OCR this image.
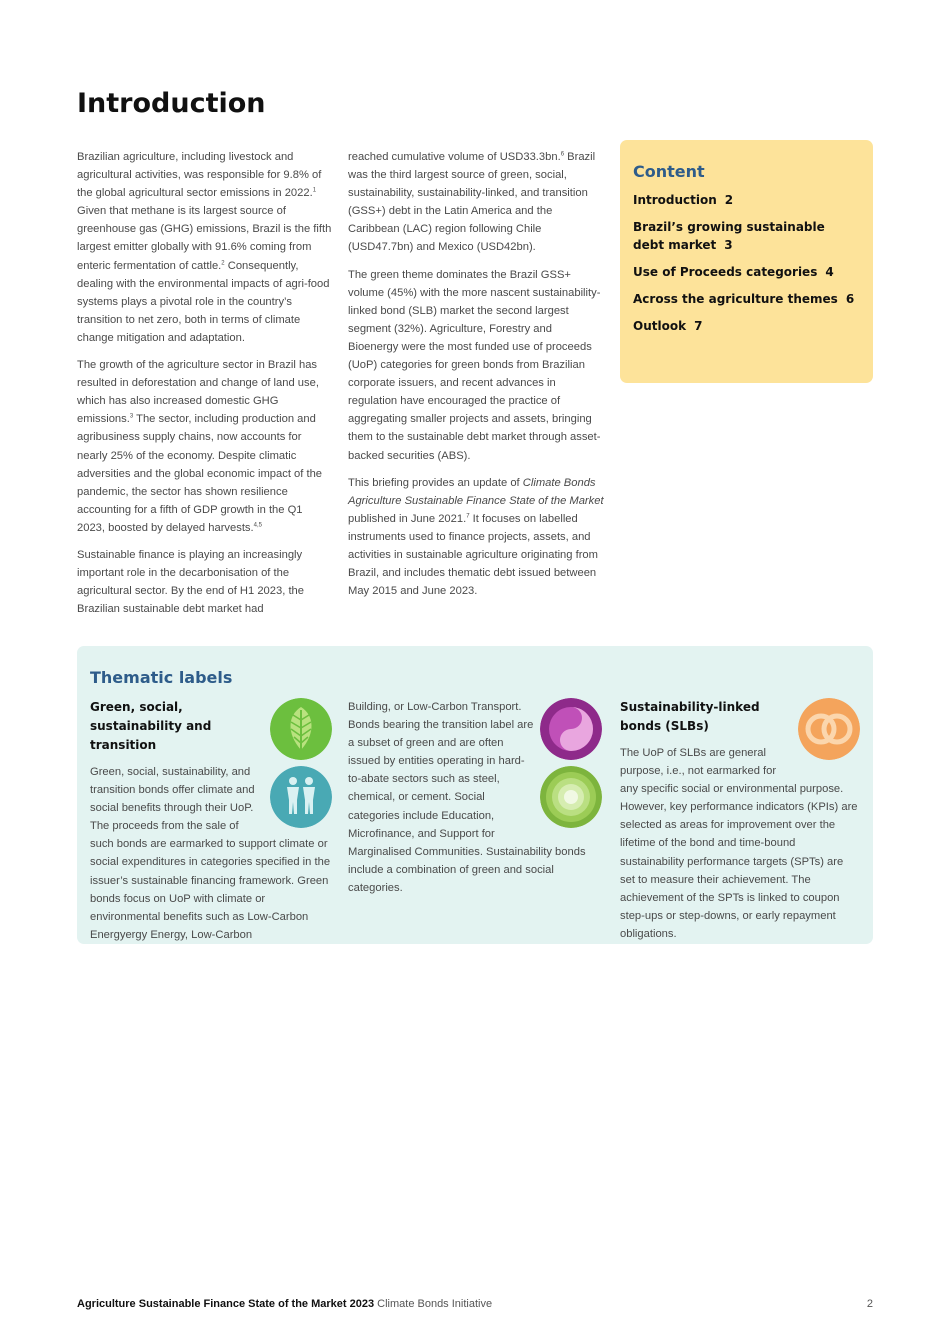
Introduction

Brazilian agriculture, including livestock and agricultural activities, was responsible for 9.8% of the global agricultural sector emissions in 2022.$^1$ Given that methane is its largest source of greenhouse gas (GHG) emissions, Brazil is the fifth largest emitter globally with 91.6% coming from enteric fermentation of cattle.$^2$ Consequently, dealing with the environmental impacts of agri-food systems plays a pivotal role in the country’s transition to net zero, both in terms of climate change mitigation and adaptation.

The growth of the agriculture sector in Brazil has resulted in deforestation and change of land use, which has also increased domestic GHG emissions.$^3$ The sector, including production and agribusiness supply chains, now accounts for nearly 25% of the economy. Despite climatic adversities and the global economic impact of the pandemic, the sector has shown resilience accounting for a fifth of GDP growth in the Q1 2023, boosted by delayed harvests.$^{4,5}$

Sustainable finance is playing an increasingly important role in the decarbonisation of the agricultural sector. By the end of H1 2023, the Brazilian sustainable debt market had

reached cumulative volume of USD33.3bn.$^6$ Brazil was the third largest source of green, social, sustainability, sustainability-linked, and transition (GSS+) debt in the Latin America and the Caribbean (LAC) region following Chile (USD47.7bn) and Mexico (USD42bn).

The green theme dominates the Brazil GSS+ volume (45%) with the more nascent sustainability-linked bond (SLB) market the second largest segment (32%). Agriculture, Forestry and Bioenergy were the most funded use of proceeds (UoP) categories for green bonds from Brazilian corporate issuers, and recent advances in regulation have encouraged the practice of aggregating smaller projects and assets, bringing them to the sustainable debt market through asset-backed securities (ABS).

This briefing provides an update of Climate Bonds Agriculture Sustainable Finance State of the Market published in June 2021.$^7$ It focuses on labelled instruments used to finance projects, assets, and activities in sustainable agriculture originating from Brazil, and includes thematic debt issued between May 2015 and June 2023.

Content
Introduction 2
Brazil’s growing sustainable
debt market 3
Use of Proceeds categories 4
Across the agriculture themes 6
Outlook 7
Thematic labels

Green, social, sustainability and transition

Green, social, sustainability, and transition bonds offer climate and social benefits through their UoP. The proceeds from the sale of such bonds are earmarked to support climate or social expenditures in categories specified in the issuer’s sustainable financing framework. Green bonds focus on UoP with climate or environmental benefits such as Low-Carbon Energyergy Energy, Low-Carbon

Building, or Low-Carbon Transport. Bonds bearing the transition label are a subset of green and are often issued by entities operating in hard-to-abate sectors such as steel, chemical, or cement. Social categories include Education, Microfinance, and Support for Marginalised Communities. Sustainability bonds include a combination of green and social categories.

Sustainability-linked bonds (SLBs)

The UoP of SLBs are general purpose, i.e., not earmarked for any specific social or environmental purpose. However, key performance indicators (KPIs) are selected as areas for improvement over the lifetime of the bond and time-bound sustainability performance targets (SPTs) are set to measure their achievement. The achievement of the SPTs is linked to coupon step-ups or step-downs, or early repayment obligations.

Agriculture Sustainable Finance State of the Market 2023 Climate Bonds Initiative	2
